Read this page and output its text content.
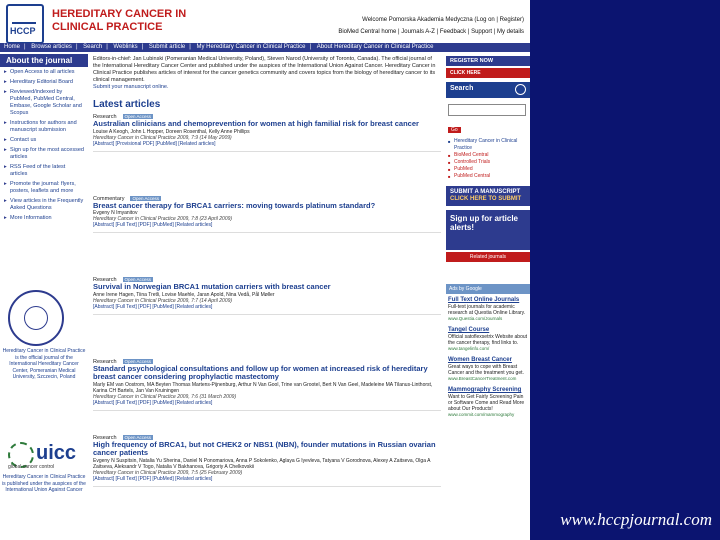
HCCP
HEREDITARY CANCER IN CLINICAL PRACTICE
Welcome Pomorska Akademia Medyczna (Log on | Register)
BioMed Central home | Journals A-Z | Feedback | Support | My details
Home | Browse articles | Search | Weblinks | Submit article | My Hereditary Cancer in Clinical Practice | About Hereditary Cancer in Clinical Practice
About the journal
▸ Open Access to all articles
▸ Hereditary Editorial Board
▸ Reviewed/indexed by PubMed, PubMed Central, Embase, Google Scholar and Scopus
▸ Instructions for authors and manuscript submission
▸ Contact us
▸ Sign up for the most accessed articles
▸ RSS Feed of the latest articles
▸ Promote the journal: flyers, posters, leaflets and more
▸ View articles in the Frequently Asked Questions
▸ More Information
Hereditary Cancer in Clinical Practice is the official journal of the International Hereditary Cancer Center, Pomeranian Medical University, Szczecin, Poland
uicc
global cancer control
Hereditary Cancer in Clinical Practice is published under the auspices of the International Union Against Cancer
Editors-in-chief: Jan Lubinski (Pomeranian Medical University, Poland), Steven Narod (University of Toronto, Canada). The official journal of the International Hereditary Cancer Center and published under the auspices of the International Union Against Cancer. Hereditary Cancer in Clinical Practice publishes articles of interest for the cancer genetics community and covers topics from the biology of hereditary cancer to its clinical management.
Submit your manuscript online.
Latest articles
Research Open Access
Australian clinicians and chemoprevention for women at high familial risk for breast cancer
Louise A Keogh, John L Hopper, Doreen Rosenthal, Kelly Anne Phillips
Hereditary Cancer in Clinical Practice 2009, 7:9 (14 May 2009)
[Abstract] [Provisional PDF] [PubMed] [Related articles]
Commentary Open Access
Breast cancer therapy for BRCA1 carriers: moving towards platinum standard?
Evgeny N Imyanitov
Hereditary Cancer in Clinical Practice 2009, 7:8 (23 April 2009)
[Abstract] [Full Text] [PDF] [PubMed] [Related articles]
Research Open Access
Survival in Norwegian BRCA1 mutation carriers with breast cancer
Anne Irene Hagen, Tiina Tretli, Lovise Maehle, Jaran Apold, Nina Vedå, Pål Møller
Hereditary Cancer in Clinical Practice 2009, 7:7 (14 April 2009)
[Abstract] [Full Text] [PDF] [PubMed] [Related articles]
Research Open Access
Standard psychological consultations and follow up for women at increased risk of hereditary breast cancer considering prophylactic mastectomy
Marly EM van Oostrom, MA Beyten Thomas Martens-Pijnenburg, Arthur N Van Gool, Trine van Grootel, Bert N Van Geel, Madeleine MA Tilanus-Linthorst, Karina CH Bartels, Jan Van Kruiningen
Hereditary Cancer in Clinical Practice 2009, 7:6 (31 March 2009)
[Abstract] [Full Text] [PDF] [PubMed] [Related articles]
Research Open Access
High frequency of BRCA1, but not CHEK2 or NBS1 (NBN), founder mutations in Russian ovarian cancer patients
Evgeny N Suspitsin, Natalia Yu Sherina, Daniel N Ponomariova, Anna P Sokolenko, Aglaya G Iyevleva, Tatyana V Gorodnova, Alexey A Zaitseva, Olga A Zaitseva, Aleksandr V Togo, Natalia V Bakhanova, Grigoriy A Chelkovskii
Hereditary Cancer in Clinical Practice 2009, 7:5 (25 February 2009)
[Abstract] [Full Text] [PDF] [PubMed] [Related articles]
REGISTER NOW
CLICK HERE
Search
Go
■ Hereditary Cancer in Clinical Practice
■ BioMed Central
■ Controlled Trials
■ PubMed
■ PubMed Central
SUBMIT A MANUSCRIPT
CLICK HERE TO SUBMIT
Sign up for article alerts!
Related journals
Ads by Google
Full Text Online Journals
Full-text journals for academic research at Questia Online Library.
www.Questia.com/Journals
Tangel Course
Official satoflexsetrix Website about the cancer therapy, find links to.
www.tangelinfo.com/
Women Breast Cancer
Great ways to cope with Breast Cancer and the treatment you get.
www.BreastCancerTreatment.com
Mammography Screening
Want to Get Fairly Screening Pain or Software Come and Read More about Our Products!
www.commit.com/mammography
www.hccpjournal.com
